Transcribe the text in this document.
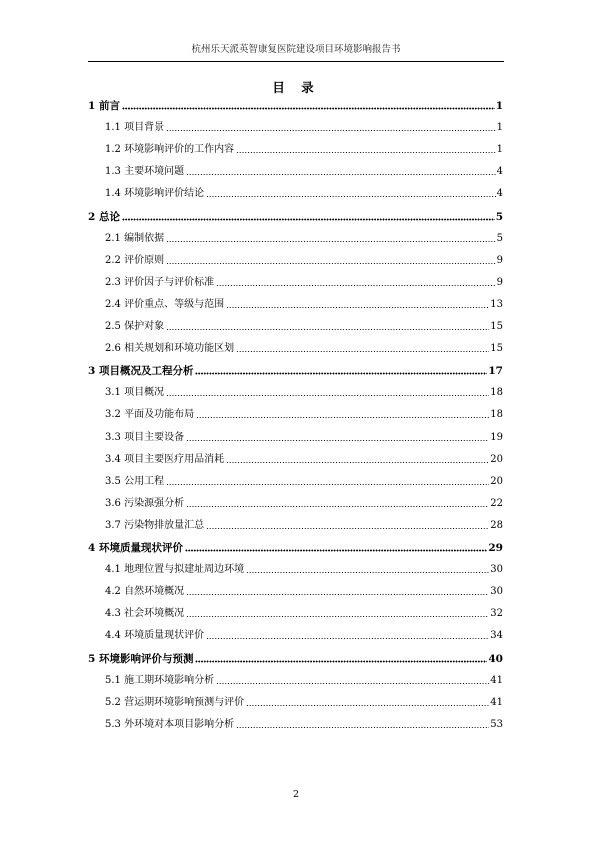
杭州乐天派英智康复医院建设项目环境影响报告书
目 录
1 前言	1
1.1 项目背景	1
1.2 环境影响评价的工作内容	1
1.3 主要环境问题	4
1.4 环境影响评价结论	4
2 总论	5
2.1 编制依据	5
2.2 评价原则	9
2.3 评价因子与评价标准	9
2.4 评价重点、等级与范围	13
2.5 保护对象	15
2.6 相关规划和环境功能区划	15
3 项目概况及工程分析	17
3.1 项目概况	18
3.2 平面及功能布局	18
3.3 项目主要设备	19
3.4 项目主要医疗用品消耗	20
3.5 公用工程	20
3.6 污染源强分析	22
3.7 污染物排放量汇总	28
4 环境质量现状评价	29
4.1 地理位置与拟建址周边环境	30
4.2 自然环境概况	30
4.3 社会环境概况	32
4.4 环境质量现状评价	34
5 环境影响评价与预测	40
5.1 施工期环境影响分析	41
5.2 营运期环境影响预测与评价	41
5.3 外环境对本项目影响分析	53
2
